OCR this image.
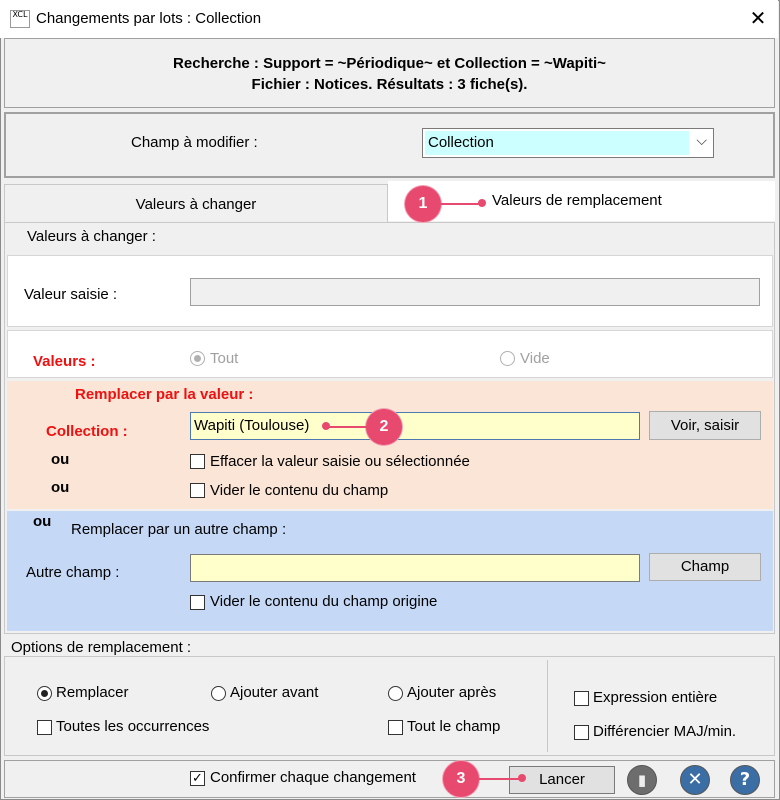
XCL Changements par lots : Collection	✕
Recherche : Support = ~Périodique~ et Collection = ~Wapiti~
Fichier : Notices. Résultats : 3 fiche(s).
Champ à modifier :	Collection	⌵
Valeurs à changer	Valeurs de remplacement
Valeurs à changer :
Valeur saisie :
Valeurs :	Tout	Vide
Remplacer par la valeur :
Collection :	Wapiti (Toulouse)	Voir, saisir
ou	Effacer la valeur saisie ou sélectionnée
ou	Vider le contenu du champ
ou Remplacer par un autre champ :
Autre champ :	Champ
Vider le contenu du champ origine
Options de remplacement :
Remplacer	Ajouter avant	Ajouter après
Toutes les occurrences	Tout le champ
Expression entière
Différencier MAJ/min.
✓ Confirmer chaque changement	Lancer	▮	✕	?
1
2
3
